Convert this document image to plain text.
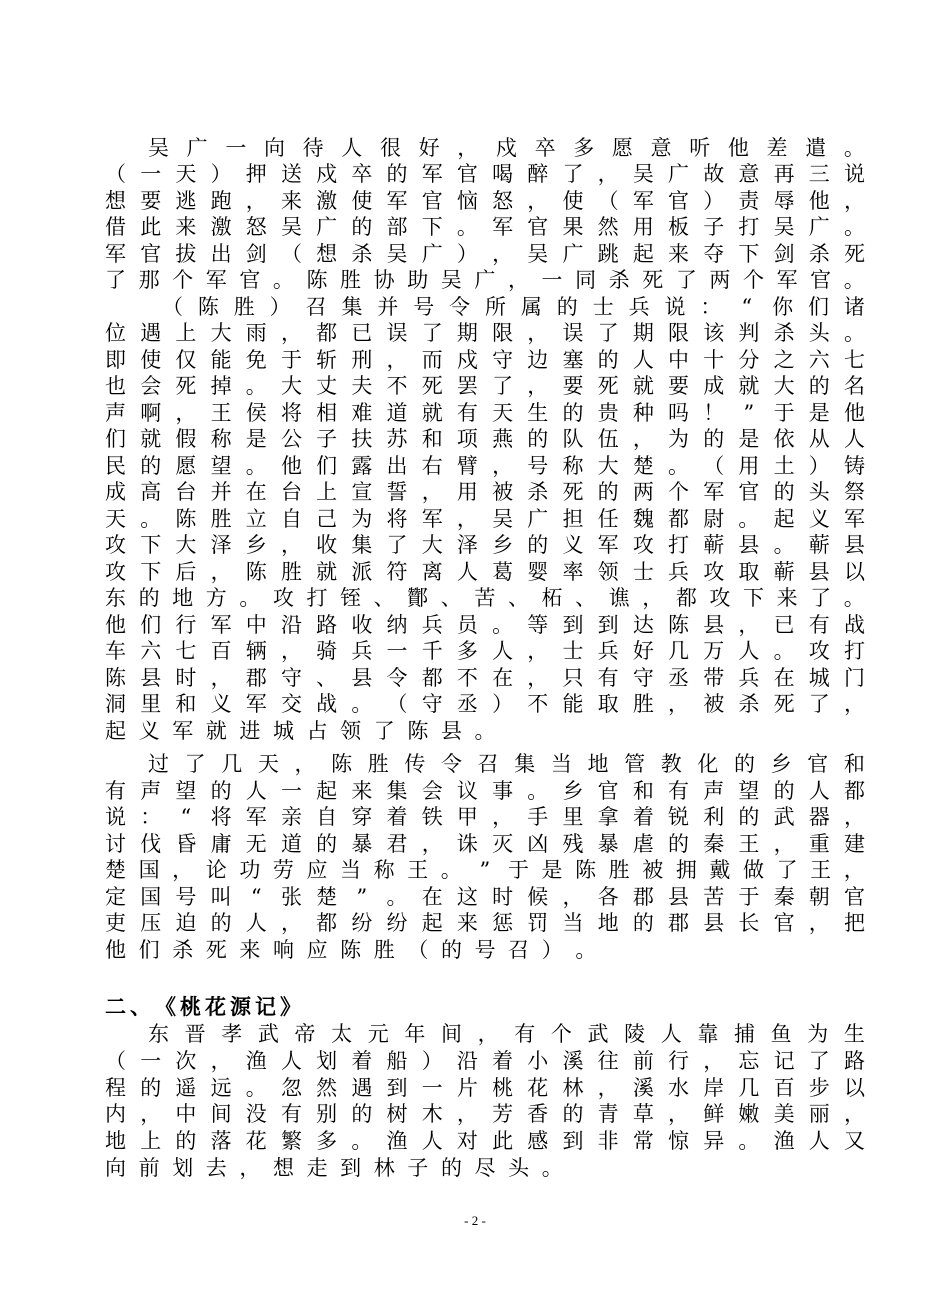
吴 广 一 向 待 人 很 好 ， 戍 卒 多 愿 意 听 他 差 遣 。
（ 一 天 ） 押 送 戍 卒 的 军 官 喝 醉 了 ， 吴 广 故 意 再 三 说
想 要 逃 跑 ， 来 激 使 军 官 恼 怒 ， 使 （ 军 官 ） 责 辱 他 ，
借 此 来 激 怒 吴 广 的 部 下 。 军 官 果 然 用 板 子 打 吴 广 。
军 官 拔 出 剑 （ 想 杀 吴 广 ） ， 吴 广 跳 起 来 夺 下 剑 杀 死
了 那 个 军 官 。 陈 胜 协 助 吴 广 ， 一 同 杀 死 了 两 个 军 官 。
（ 陈 胜 ） 召 集 并 号 令 所 属 的 士 兵 说 ： “ 你 们 诸
位 遇 上 大 雨 ， 都 已 误 了 期 限 ， 误 了 期 限 该 判 杀 头 。
即 使 仅 能 免 于 斩 刑 ， 而 戍 守 边 塞 的 人 中 十 分 之 六 七
也 会 死 掉 。 大 丈 夫 不 死 罢 了 ， 要 死 就 要 成 就 大 的 名
声 啊 ， 王 侯 将 相 难 道 就 有 天 生 的 贵 种 吗 ！ ” 于 是 他
们 就 假 称 是 公 子 扶 苏 和 项 燕 的 队 伍 ， 为 的 是 依 从 人
民 的 愿 望 。 他 们 露 出 右 臂 ， 号 称 大 楚 。 （ 用 土 ） 铸
成 高 台 并 在 台 上 宣 誓 ， 用 被 杀 死 的 两 个 军 官 的 头 祭
天 。 陈 胜 立 自 己 为 将 军 ， 吴 广 担 任 魏 都 尉 。 起 义 军
攻 下 大 泽 乡 ， 收 集 了 大 泽 乡 的 义 军 攻 打 蕲 县 。 蕲 县
攻 下 后 ， 陈 胜 就 派 符 离 人 葛 婴 率 领 士 兵 攻 取 蕲 县 以
东 的 地 方 。 攻 打 铚 、 酇 、 苦 、 柘 、 谯 ， 都 攻 下 来 了 。
他 们 行 军 中 沿 路 收 纳 兵 员 。 等 到 到 达 陈 县 ， 已 有 战
车 六 七 百 辆 ， 骑 兵 一 千 多 人 ， 士 兵 好 几 万 人 。 攻 打
陈 县 时 ， 郡 守 、 县 令 都 不 在 ， 只 有 守 丞 带 兵 在 城 门
洞 里 和 义 军 交 战 。 （ 守 丞 ） 不 能 取 胜 ， 被 杀 死 了 ，
起 义 军 就 进 城 占 领 了 陈 县 。
过 了 几 天 ， 陈 胜 传 令 召 集 当 地 管 教 化 的 乡 官 和
有 声 望 的 人 一 起 来 集 会 议 事 。 乡 官 和 有 声 望 的 人 都
说 ： “ 将 军 亲 自 穿 着 铁 甲 ， 手 里 拿 着 锐 利 的 武 器 ，
讨 伐 昏 庸 无 道 的 暴 君 ， 诛 灭 凶 残 暴 虐 的 秦 王 ， 重 建
楚 国 ， 论 功 劳 应 当 称 王 。 ” 于 是 陈 胜 被 拥 戴 做 了 王 ，
定 国 号 叫 “ 张 楚 ” 。 在 这 时 候 ， 各 郡 县 苦 于 秦 朝 官
吏 压 迫 的 人 ， 都 纷 纷 起 来 惩 罚 当 地 的 郡 县 长 官 ， 把
他 们 杀 死 来 响 应 陈 胜 （ 的 号 召 ） 。
二 、 《 桃 花 源 记 》
东 晋 孝 武 帝 太 元 年 间 ， 有 个 武 陵 人 靠 捕 鱼 为 生
（ 一 次 ， 渔 人 划 着 船 ） 沿 着 小 溪 往 前 行 ， 忘 记 了 路
程 的 遥 远 。 忽 然 遇 到 一 片 桃 花 林 ， 溪 水 岸 几 百 步 以
内 ， 中 间 没 有 别 的 树 木 ， 芳 香 的 青 草 ， 鲜 嫩 美 丽 ，
地 上 的 落 花 繁 多 。 渔 人 对 此 感 到 非 常 惊 异 。 渔 人 又
向 前 划 去 ， 想 走 到 林 子 的 尽 头 。
- 2 -
